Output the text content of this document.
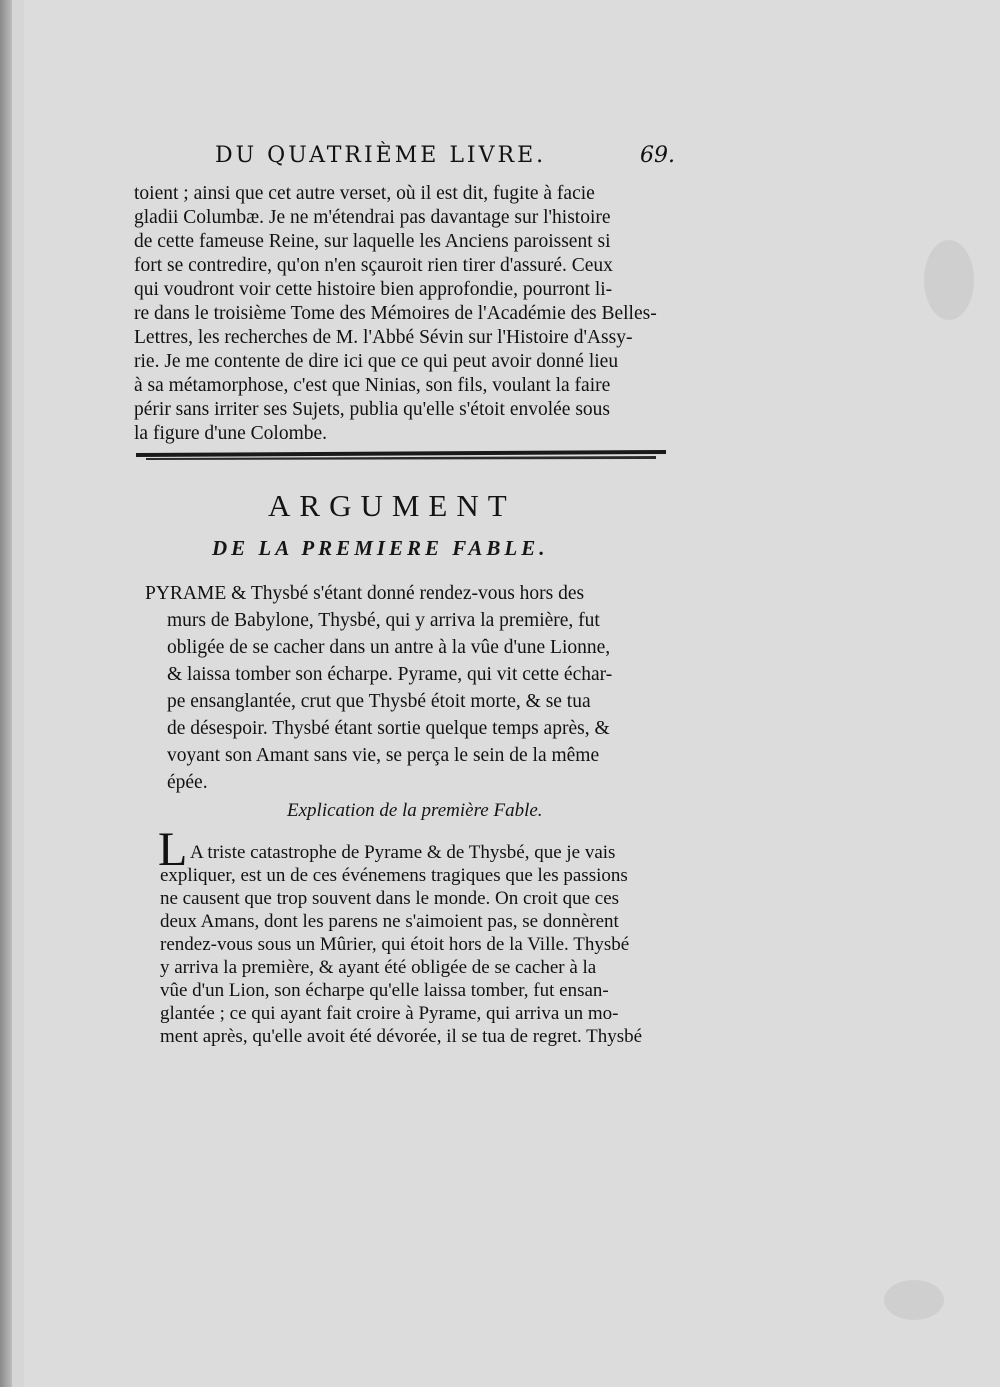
DU QUATRIÈME LIVRE.	69.
toient ; ainsi que cet autre verset, où il est dit, fugite à facie
gladii Columbæ. Je ne m'étendrai pas davantage sur l'histoire
de cette fameuse Reine, sur laquelle les Anciens paroissent si
fort se contredire, qu'on n'en sçauroit rien tirer d'assuré. Ceux
qui voudront voir cette histoire bien approfondie, pourront li-
re dans le troisième Tome des Mémoires de l'Académie des Belles-
Lettres, les recherches de M. l'Abbé Sévin sur l'Histoire d'Assy-
rie. Je me contente de dire ici que ce qui peut avoir donné lieu
à sa métamorphose, c'est que Ninias, son fils, voulant la faire
périr sans irriter ses Sujets, publia qu'elle s'étoit envolée sous
la figure d'une Colombe.
ARGUMENT
DE LA PREMIERE FABLE.
PYRAME & Thysbé s'étant donné rendez-vous hors des
murs de Babylone, Thysbé, qui y arriva la première, fut
obligée de se cacher dans un antre à la vûe d'une Lionne,
& laissa tomber son écharpe. Pyrame, qui vit cette échar-
pe ensanglantée, crut que Thysbé étoit morte, & se tua
de désespoir. Thysbé étant sortie quelque temps après, &
voyant son Amant sans vie, se perça le sein de la même
épée.
Explication de la première Fable.
L A triste catastrophe de Pyrame & de Thysbé, que je vais
expliquer, est un de ces événemens tragiques que les passions
ne causent que trop souvent dans le monde. On croit que ces
deux Amans, dont les parens ne s'aimoient pas, se donnèrent
rendez-vous sous un Mûrier, qui étoit hors de la Ville. Thysbé
y arriva la première, & ayant été obligée de se cacher à la
vûe d'un Lion, son écharpe qu'elle laissa tomber, fut ensan-
glantée ; ce qui ayant fait croire à Pyrame, qui arriva un mo-
ment après, qu'elle avoit été dévorée, il se tua de regret. Thysbé
